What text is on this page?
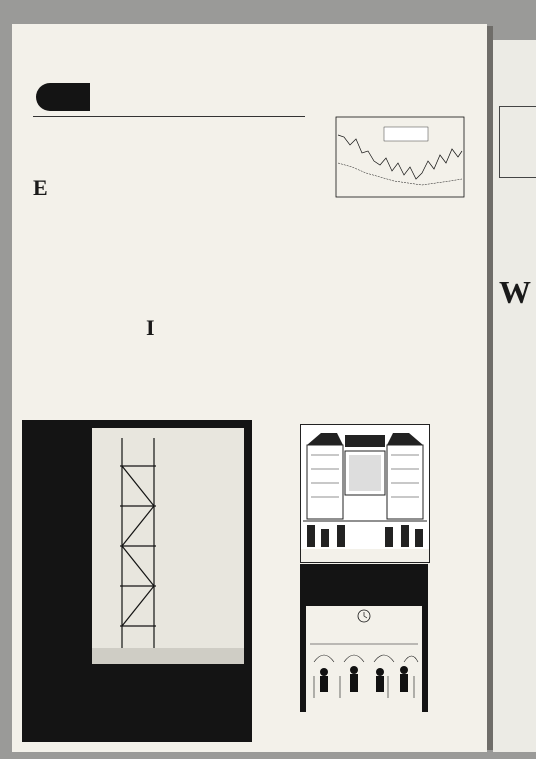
E

I

W
